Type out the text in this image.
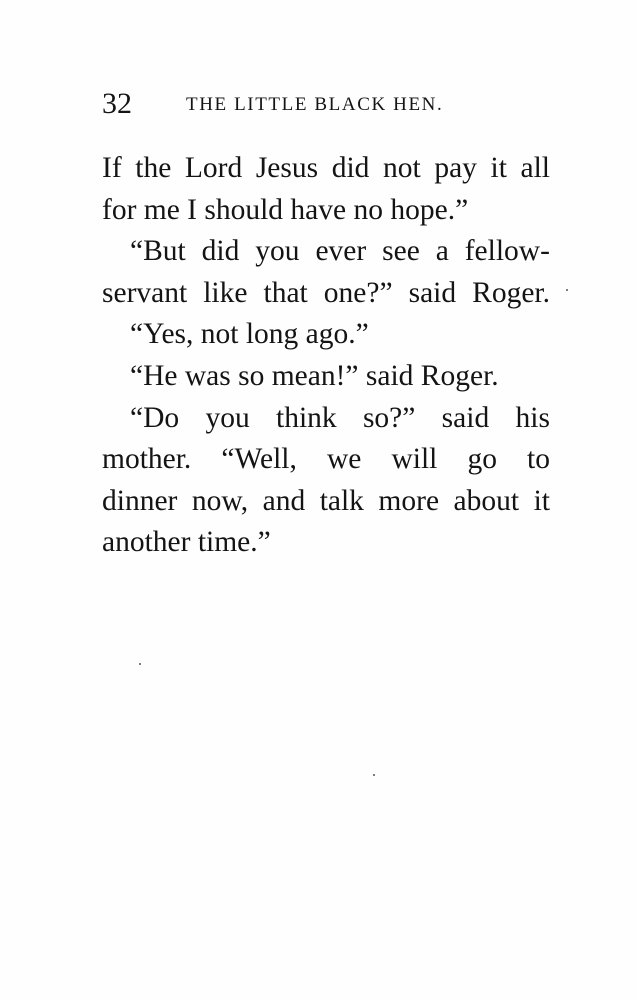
32	THE LITTLE BLACK HEN.
If the Lord Jesus did not pay it all
for me I should have no hope.”
“But did you ever see a fellow-
servant like that one?” said Roger.
“Yes, not long ago.”
“He was so mean!” said Roger.
“Do you think so?” said his
mother. “Well, we will go to
dinner now, and talk more about it
another time.”
